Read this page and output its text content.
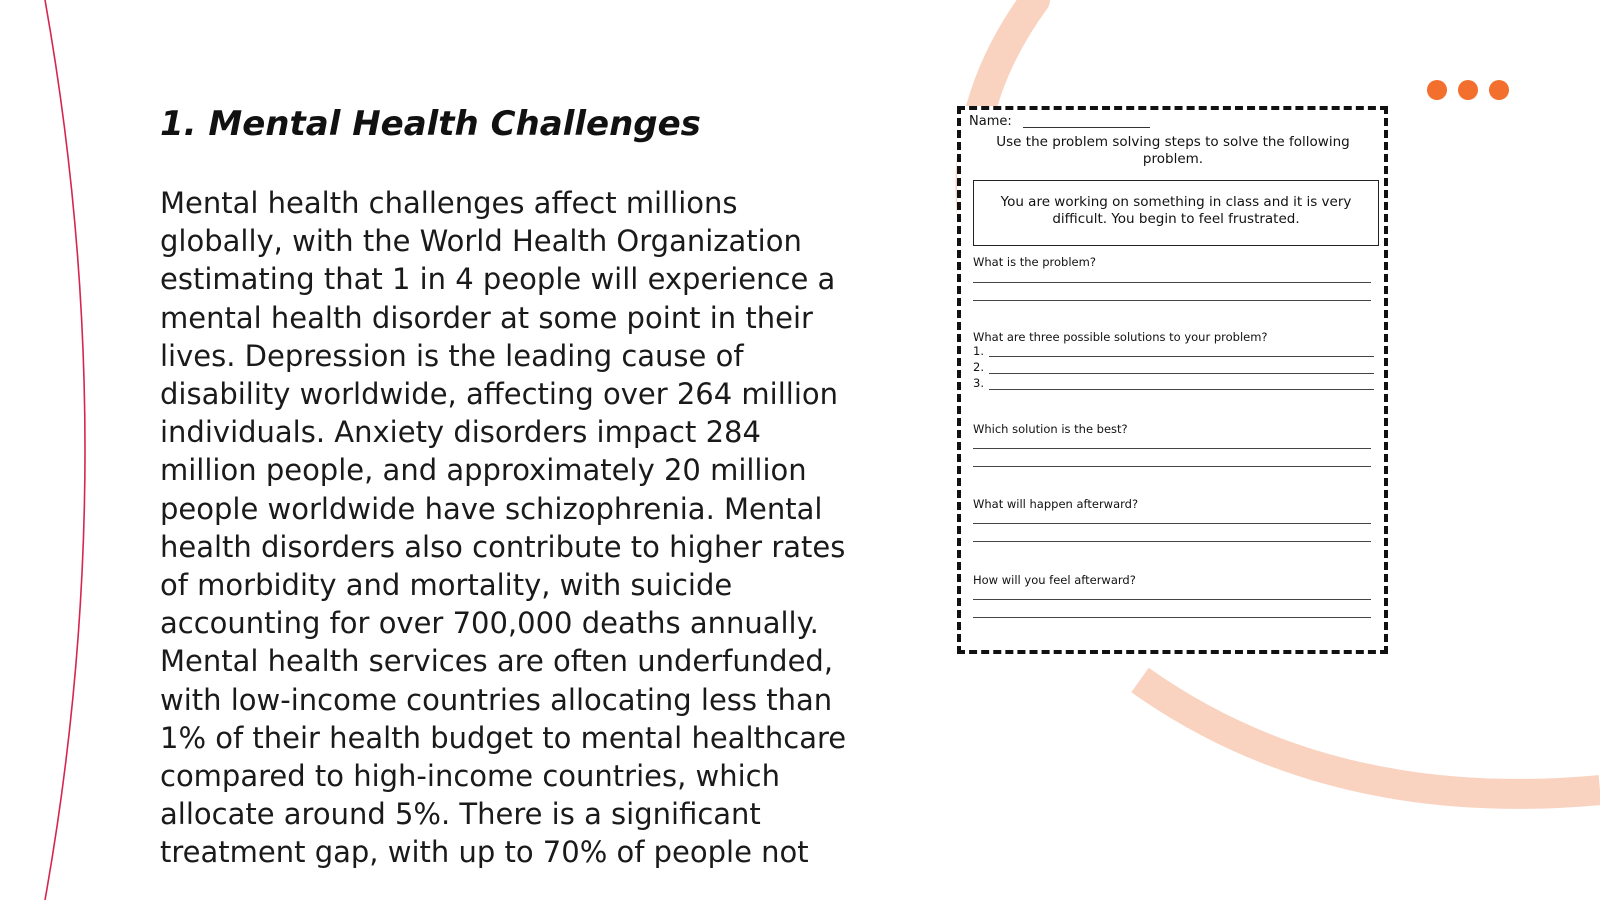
1. Mental Health Challenges

Mental health challenges affect millions globally, with the World Health Organization estimating that 1 in 4 people will experience a mental health disorder at some point in their lives. Depression is the leading cause of disability worldwide, affecting over 264 million individuals. Anxiety disorders impact 284 million people, and approximately 20 million people worldwide have schizophrenia. Mental health disorders also contribute to higher rates of morbidity and mortality, with suicide accounting for over 700,000 deaths annually. Mental health services are often underfunded, with low-income countries allocating less than 1% of their health budget to mental healthcare compared to high-income countries, which allocate around 5%. There is a significant treatment gap, with up to 70% of people not

Name:
Use the problem solving steps to solve the following problem.
You are working on something in class and it is very difficult. You begin to feel frustrated.
What is the problem?
What are three possible solutions to your problem?
1.
2.
3.
Which solution is the best?
What will happen afterward?
How will you feel afterward?
